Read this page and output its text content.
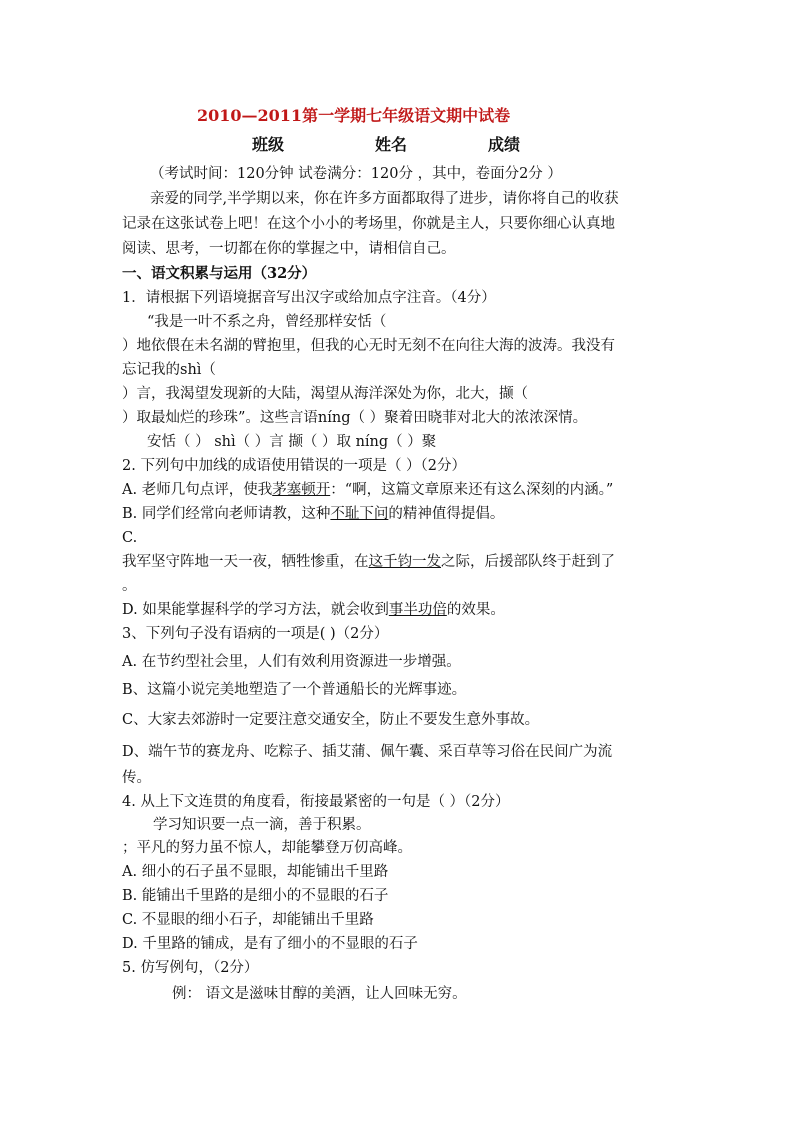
2010—2011第一学期七年级语文期中试卷
班级	姓名	成绩
（考试时间：120分钟 试卷满分：120分 ，其中，卷面分2分 ）
亲爱的同学,半学期以来，你在许多方面都取得了进步，请你将自己的收获
记录在这张试卷上吧！在这个小小的考场里，你就是主人，只要你细心认真地
阅读、思考，一切都在你的掌握之中，请相信自己。
一、语文积累与运用（32分）
1．请根据下列语境据音写出汉字或给加点字注音。（4分）
“我是一叶不系之舟，曾经那样安恬（
）地依偎在未名湖的臂抱里，但我的心无时无刻不在向往大海的波涛。我没有
忘记我的shì（
）言，我渴望发现新的大陆，渴望从海洋深处为你，北大，撷（
）取最灿烂的珍珠”。这些言语níng（ ）聚着田晓菲对北大的浓浓深情。
安恬（ ） shì（ ）言 撷（ ）取 níng（ ）聚
2. 下列句中加线的成语使用错误的一项是（ ）（2分）
A. 老师几句点评，使我茅塞顿开：“啊，这篇文章原来还有这么深刻的内涵。”
B. 同学们经常向老师请教，这种不耻下问的精神值得提倡。
C.
我军坚守阵地一天一夜，牺牲惨重，在这千钧一发之际，后援部队终于赶到了
。
D. 如果能掌握科学的学习方法，就会收到事半功倍的效果。
3、下列句子没有语病的一项是( )（2分）
A. 在节约型社会里，人们有效利用资源进一步增强。
B、这篇小说完美地塑造了一个普通船长的光辉事迹。
C、大家去郊游时一定要注意交通安全，防止不要发生意外事故。
D、端午节的赛龙舟、吃粽子、插艾蒲、佩午囊、采百草等习俗在民间广为流
传。
4. 从上下文连贯的角度看，衔接最紧密的一句是（ ）（2分）
学习知识要一点一滴，善于积累。
；平凡的努力虽不惊人，却能攀登万仞高峰。
A. 细小的石子虽不显眼，却能铺出千里路
B. 能铺出千里路的是细小的不显眼的石子
C. 不显眼的细小石子，却能铺出千里路
D. 千里路的铺成，是有了细小的不显眼的石子
5. 仿写例句，（2分）
例： 语文是滋味甘醇的美酒，让人回味无穷。
